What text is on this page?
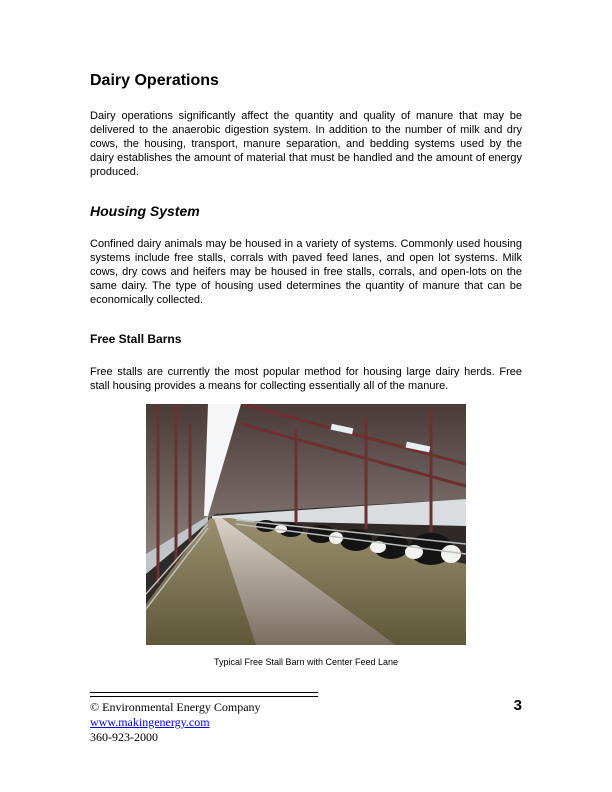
Dairy Operations

Dairy operations significantly affect the quantity and quality of manure that may be delivered to the anaerobic digestion system. In addition to the number of milk and dry cows, the housing, transport, manure separation, and bedding systems used by the dairy establishes the amount of material that must be handled and the amount of energy produced.

Housing System

Confined dairy animals may be housed in a variety of systems. Commonly used housing systems include free stalls, corrals with paved feed lanes, and open lot systems. Milk cows, dry cows and heifers may be housed in free stalls, corrals, and open-lots on the same dairy. The type of housing used determines the quantity of manure that can be economically collected.

Free Stall Barns

Free stalls are currently the most popular method for housing large dairy herds. Free stall housing provides a means for collecting essentially all of the manure.

Typical Free Stall Barn with Center Feed Lane
© Environmental Energy Company
www.makingenergy.com
360-923-2000
3
